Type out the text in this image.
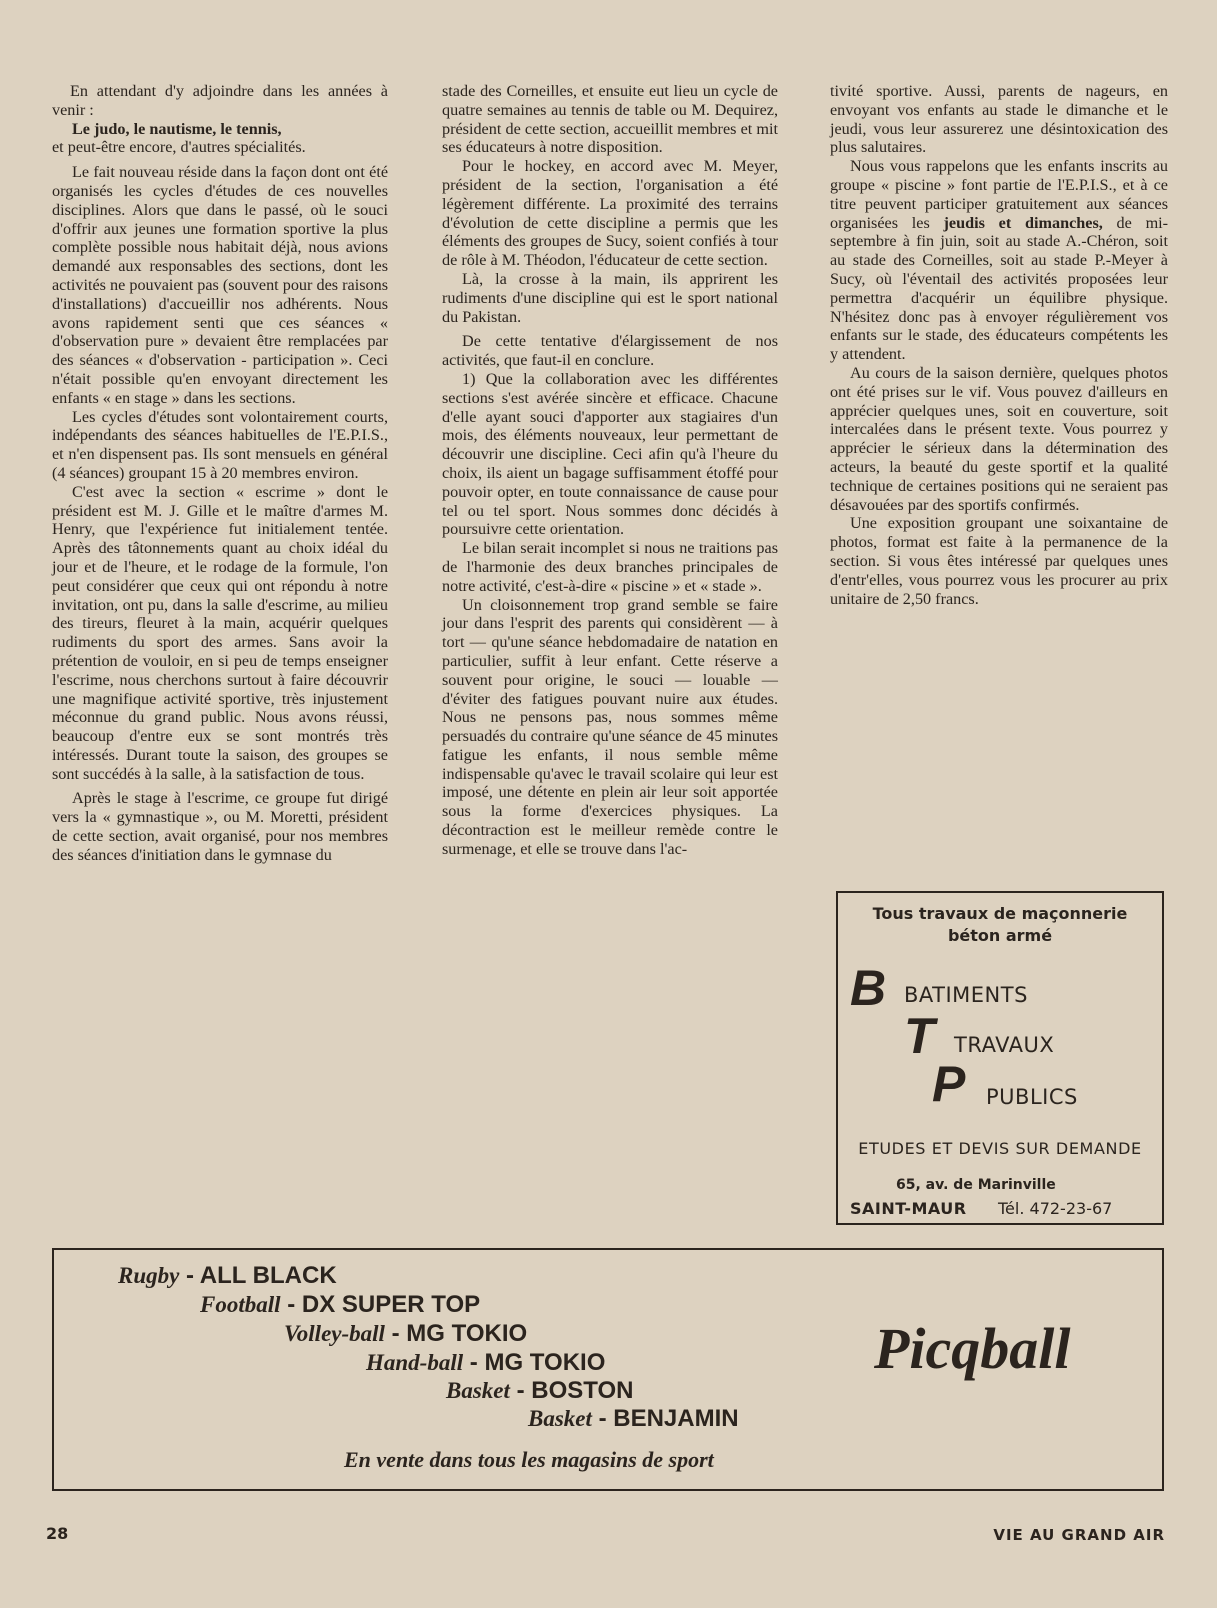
En attendant d'y adjoindre dans les années à venir :

Le judo, le nautisme, le tennis,

et peut-être encore, d'autres spécialités.

Le fait nouveau réside dans la façon dont ont été organisés les cycles d'études de ces nouvelles disciplines. Alors que dans le passé, où le souci d'offrir aux jeunes une formation sportive la plus complète possible nous habitait déjà, nous avions demandé aux responsables des sections, dont les activités ne pouvaient pas (souvent pour des raisons d'installations) d'accueillir nos adhérents. Nous avons rapidement senti que ces séances « d'observation pure » devaient être remplacées par des séances « d'observation - participation ». Ceci n'était possible qu'en envoyant directement les enfants « en stage » dans les sections.

Les cycles d'études sont volontairement courts, indépendants des séances habituelles de l'E.P.I.S., et n'en dispensent pas. Ils sont mensuels en général (4 séances) groupant 15 à 20 membres environ.

C'est avec la section « escrime » dont le président est M. J. Gille et le maître d'armes M. Henry, que l'expérience fut initialement tentée. Après des tâtonnements quant au choix idéal du jour et de l'heure, et le rodage de la formule, l'on peut considérer que ceux qui ont répondu à notre invitation, ont pu, dans la salle d'escrime, au milieu des tireurs, fleuret à la main, acquérir quelques rudiments du sport des armes. Sans avoir la prétention de vouloir, en si peu de temps enseigner l'escrime, nous cherchons surtout à faire découvrir une magnifique activité sportive, très injustement méconnue du grand public. Nous avons réussi, beaucoup d'entre eux se sont montrés très intéressés. Durant toute la saison, des groupes se sont succédés à la salle, à la satisfaction de tous.

Après le stage à l'escrime, ce groupe fut dirigé vers la « gymnastique », ou M. Moretti, président de cette section, avait organisé, pour nos membres des séances d'initiation dans le gymnase du

stade des Corneilles, et ensuite eut lieu un cycle de quatre semaines au tennis de table ou M. Dequirez, président de cette section, accueillit membres et mit ses éducateurs à notre disposition.

Pour le hockey, en accord avec M. Meyer, président de la section, l'organisation a été légèrement différente. La proximité des terrains d'évolution de cette discipline a permis que les éléments des groupes de Sucy, soient confiés à tour de rôle à M. Théodon, l'éducateur de cette section.

Là, la crosse à la main, ils apprirent les rudiments d'une discipline qui est le sport national du Pakistan.

De cette tentative d'élargissement de nos activités, que faut-il en conclure.

1) Que la collaboration avec les différentes sections s'est avérée sincère et efficace. Chacune d'elle ayant souci d'apporter aux stagiaires d'un mois, des éléments nouveaux, leur permettant de découvrir une discipline. Ceci afin qu'à l'heure du choix, ils aient un bagage suffisamment étoffé pour pouvoir opter, en toute connaissance de cause pour tel ou tel sport. Nous sommes donc décidés à poursuivre cette orientation.

Le bilan serait incomplet si nous ne traitions pas de l'harmonie des deux branches principales de notre activité, c'est-à-dire « piscine » et « stade ».

Un cloisonnement trop grand semble se faire jour dans l'esprit des parents qui considèrent — à tort — qu'une séance hebdomadaire de natation en particulier, suffit à leur enfant. Cette réserve a souvent pour origine, le souci — louable — d'éviter des fatigues pouvant nuire aux études. Nous ne pensons pas, nous sommes même persuadés du contraire qu'une séance de 45 minutes fatigue les enfants, il nous semble même indispensable qu'avec le travail scolaire qui leur est imposé, une détente en plein air leur soit apportée sous la forme d'exercices physiques. La décontraction est le meilleur remède contre le surmenage, et elle se trouve dans l'ac-

tivité sportive. Aussi, parents de nageurs, en envoyant vos enfants au stade le dimanche et le jeudi, vous leur assurerez une désintoxication des plus salutaires.

Nous vous rappelons que les enfants inscrits au groupe « piscine » font partie de l'E.P.I.S., et à ce titre peuvent participer gratuitement aux séances organisées les jeudis et dimanches, de mi-septembre à fin juin, soit au stade A.-Chéron, soit au stade des Corneilles, soit au stade P.-Meyer à Sucy, où l'éventail des activités proposées leur permettra d'acquérir un équilibre physique. N'hésitez donc pas à envoyer régulièrement vos enfants sur le stade, des éducateurs compétents les y attendent.

Au cours de la saison dernière, quelques photos ont été prises sur le vif. Vous pouvez d'ailleurs en apprécier quelques unes, soit en couverture, soit intercalées dans le présent texte. Vous pourrez y apprécier le sérieux dans la détermination des acteurs, la beauté du geste sportif et la qualité technique de certaines positions qui ne seraient pas désavouées par des sportifs confirmés.

Une exposition groupant une soixantaine de photos, format est faite à la permanence de la section. Si vous êtes intéressé par quelques unes d'entr'elles, vous pourrez vous les procurer au prix unitaire de 2,50 francs.

Tous travaux de maçonnerie
béton armé
B BATIMENTS
T TRAVAUX
P PUBLICS
ETUDES ET DEVIS SUR DEMANDE
65, av. de Marinville
SAINT-MAUR Tél. 472-23-67
Rugby - ALL BLACK
Football - DX SUPER TOP
Volley-ball - MG TOKIO
Hand-ball - MG TOKIO
Basket - BOSTON
Basket - BENJAMIN
Picqball
En vente dans tous les magasins de sport
28	VIE AU GRAND AIR
